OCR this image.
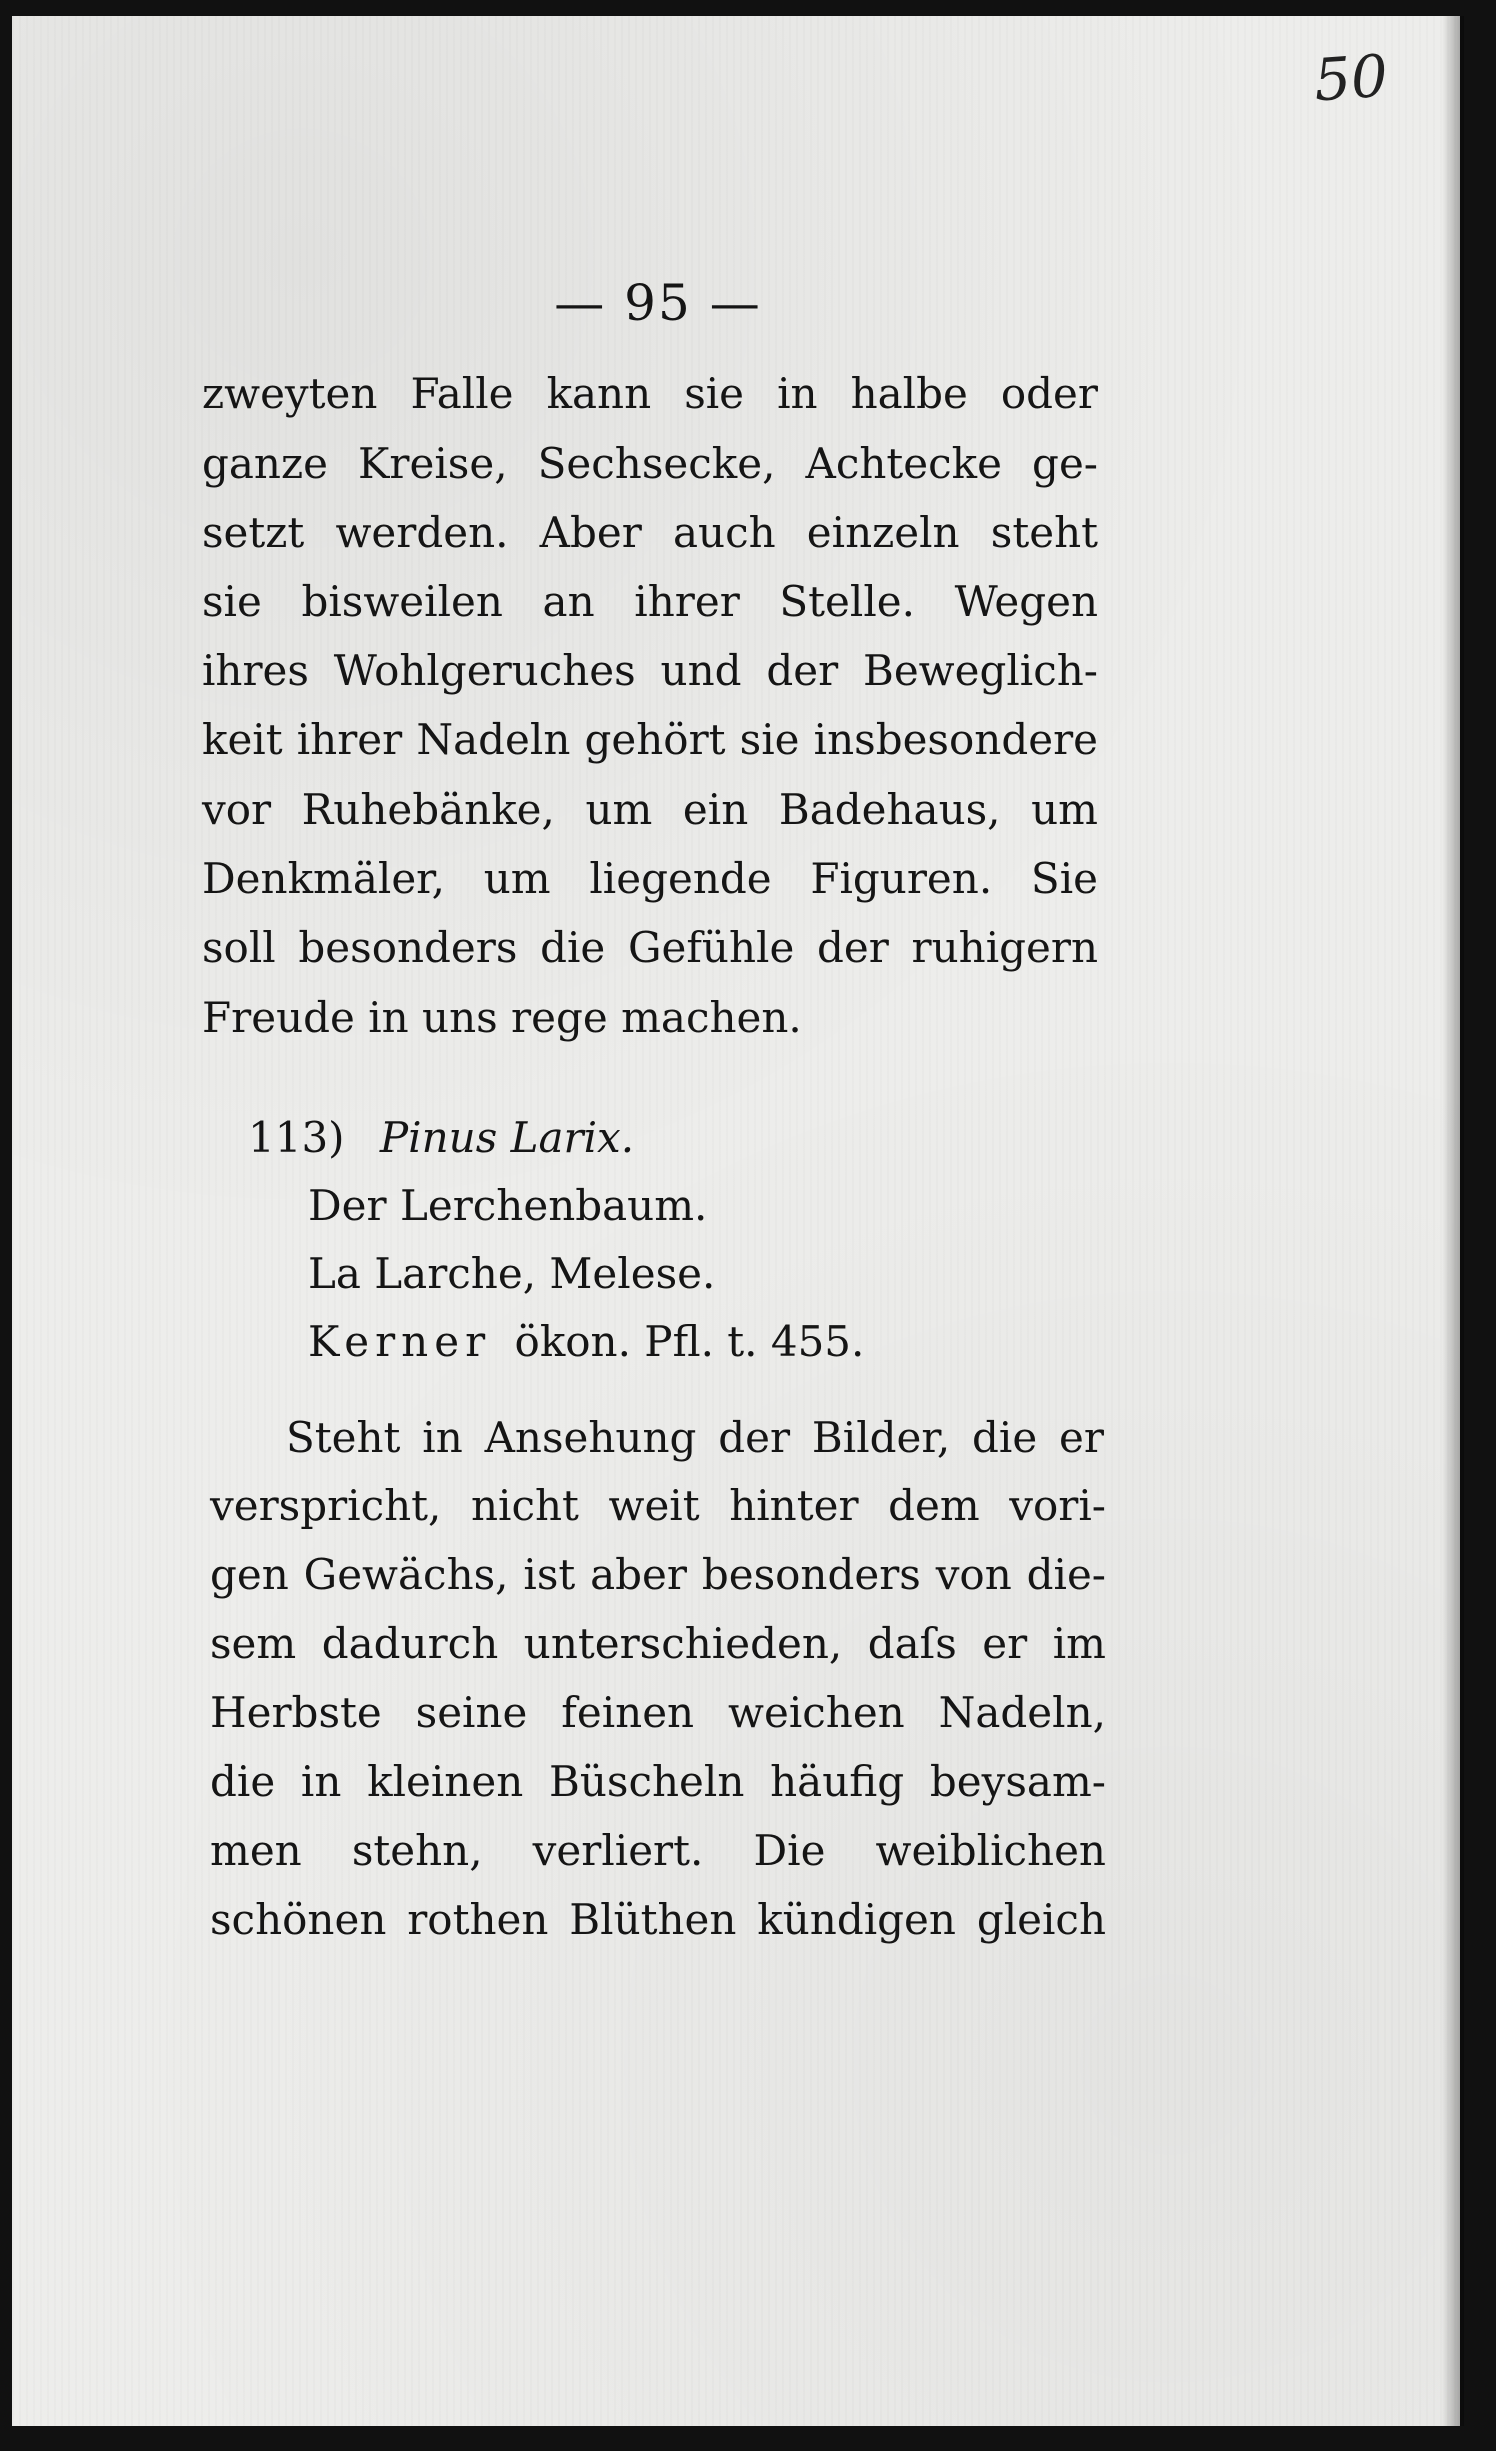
50
— 95 —
zweyten Falle kann sie in halbe oder
ganze Kreise, Sechsecke, Achtecke ge-
setzt werden. Aber auch einzeln steht
sie bisweilen an ihrer Stelle. Wegen
ihres Wohlgeruches und der Beweglich-
keit ihrer Nadeln gehört sie insbesondere
vor Ruhebänke, um ein Badehaus, um
Denkmäler, um liegende Figuren. Sie
soll besonders die Gefühle der ruhigern
Freude in uns rege machen.
113) Pinus Larix.
Der Lerchenbaum.
La Larche, Melese.
Kerner ökon. Pfl. t. 455.
Steht in Ansehung der Bilder, die er
verspricht, nicht weit hinter dem vori-
gen Gewächs, ist aber besonders von die-
sem dadurch unterschieden, daſs er im
Herbste seine feinen weichen Nadeln,
die in kleinen Büscheln häufig beysam-
men stehn, verliert. Die weiblichen
schönen rothen Blüthen kündigen gleich
